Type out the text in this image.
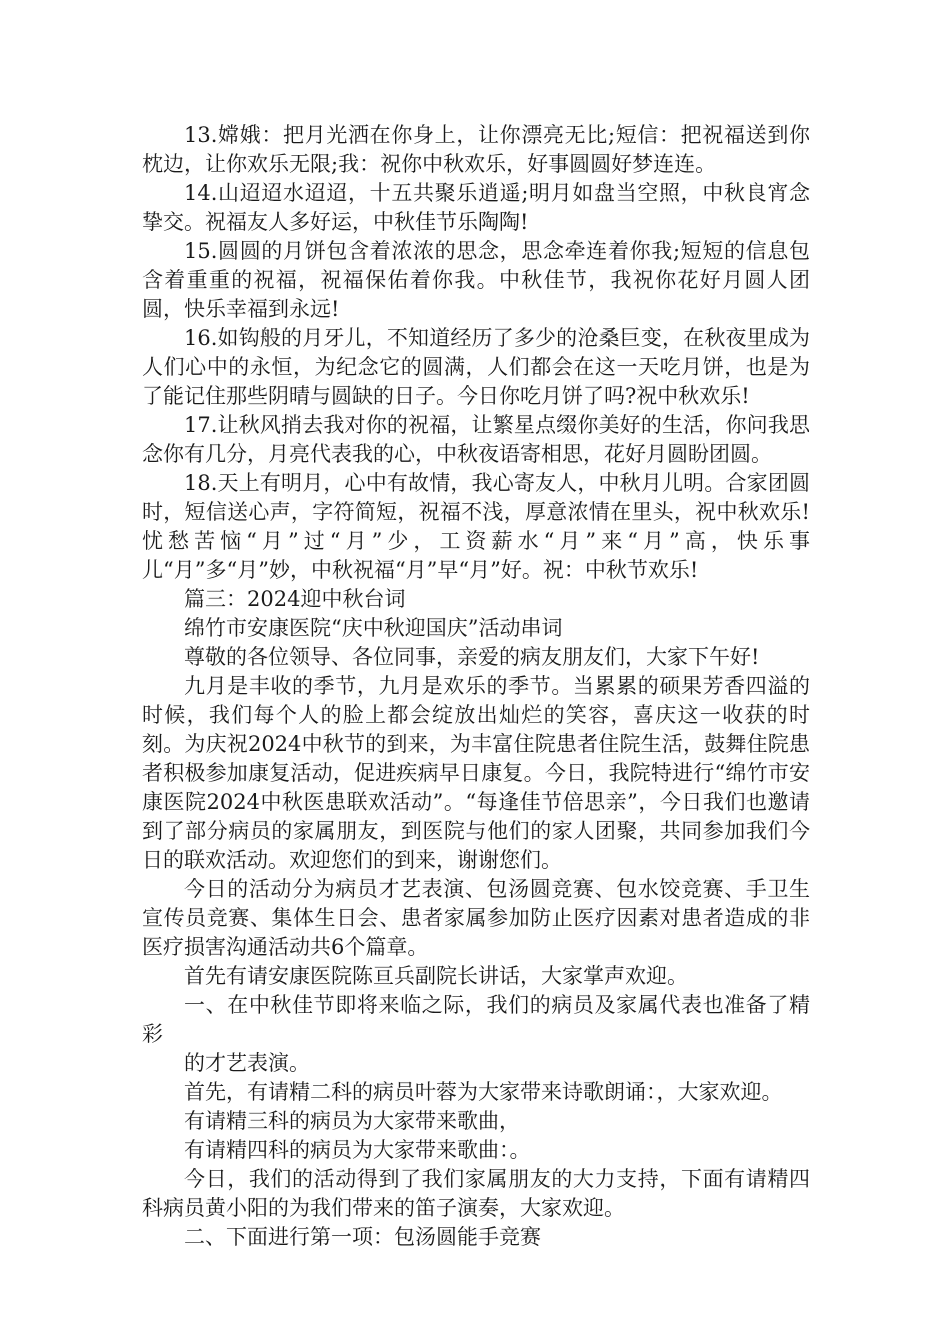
13.嫦娥：把月光洒在你身上，让你漂亮无比;短信：把祝福送到你枕边，让你欢乐无限;我：祝你中秋欢乐，好事圆圆好梦连连。

14.山迢迢水迢迢，十五共聚乐逍遥;明月如盘当空照，中秋良宵念挚交。祝福友人多好运，中秋佳节乐陶陶!

15.圆圆的月饼包含着浓浓的思念，思念牵连着你我;短短的信息包含着重重的祝福，祝福保佑着你我。中秋佳节，我祝你花好月圆人团圆，快乐幸福到永远!

16.如钩般的月牙儿，不知道经历了多少的沧桑巨变，在秋夜里成为人们心中的永恒，为纪念它的圆满，人们都会在这一天吃月饼，也是为了能记住那些阴晴与圆缺的日子。今日你吃月饼了吗?祝中秋欢乐!

17.让秋风捎去我对你的祝福，让繁星点缀你美好的生活，你问我思念你有几分，月亮代表我的心，中秋夜语寄相思，花好月圆盼团圆。

18.天上有明月，心中有故情，我心寄友人，中秋月儿明。合家团圆时，短信送心声，字符简短，祝福不浅，厚意浓情在里头，祝中秋欢乐!忧愁苦恼“月”过“月”少，工资薪水“月”来“月”高，快乐事儿“月”多“月”妙，中秋祝福“月”早“月”好。祝：中秋节欢乐!

篇三：2024迎中秋台词

绵竹市安康医院“庆中秋迎国庆”活动串词

尊敬的各位领导、各位同事，亲爱的病友朋友们，大家下午好!

九月是丰收的季节，九月是欢乐的季节。当累累的硕果芳香四溢的时候，我们每个人的脸上都会绽放出灿烂的笑容，喜庆这一收获的时刻。为庆祝2024中秋节的到来，为丰富住院患者住院生活，鼓舞住院患者积极参加康复活动，促进疾病早日康复。今日，我院特进行“绵竹市安康医院2024中秋医患联欢活动”。“每逢佳节倍思亲”，今日我们也邀请到了部分病员的家属朋友，到医院与他们的家人团聚，共同参加我们今日的联欢活动。欢迎您们的到来，谢谢您们。

今日的活动分为病员才艺表演、包汤圆竞赛、包水饺竞赛、手卫生宣传员竞赛、集体生日会、患者家属参加防止医疗因素对患者造成的非医疗损害沟通活动共6个篇章。

首先有请安康医院陈亘兵副院长讲话，大家掌声欢迎。

一、在中秋佳节即将来临之际，我们的病员及家属代表也准备了精彩

的才艺表演。

首先，有请精二科的病员叶蓉为大家带来诗歌朗诵：，大家欢迎。

有请精三科的病员为大家带来歌曲，

有请精四科的病员为大家带来歌曲：。

今日，我们的活动得到了我们家属朋友的大力支持，下面有请精四科病员黄小阳的为我们带来的笛子演奏，大家欢迎。

二、下面进行第一项：包汤圆能手竞赛
